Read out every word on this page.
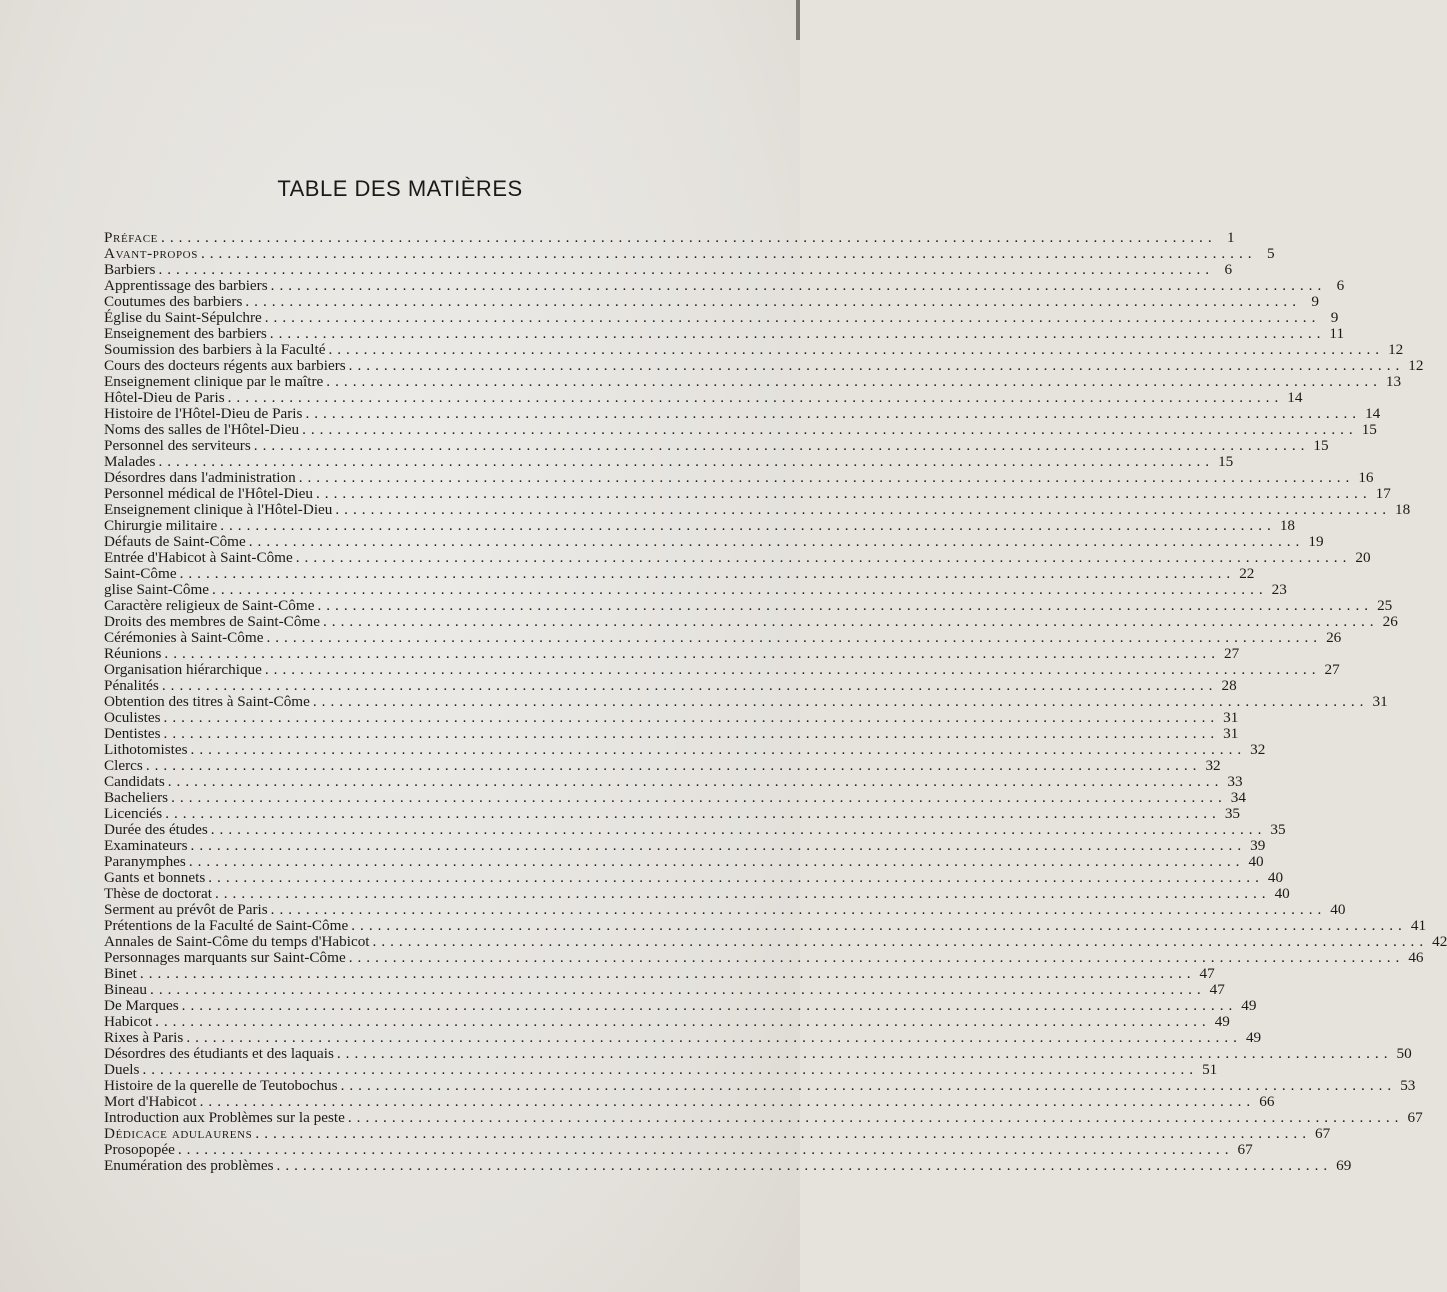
TABLE DES MATIÈRES
Préface ........................................................................................................................ 1
Avant-propos ........................................................................................................................ 5
Barbiers ........................................................................................................................ 6
Apprentissage des barbiers ........................................................................................................................ 6
Coutumes des barbiers ........................................................................................................................ 9
Église du Saint-Sépulchre ........................................................................................................................ 9
Enseignement des barbiers ........................................................................................................................ 11
Soumission des barbiers à la Faculté ........................................................................................................................ 12
Cours des docteurs régents aux barbiers ........................................................................................................................ 12
Enseignement clinique par le maître ........................................................................................................................ 13
Hôtel-Dieu de Paris ........................................................................................................................ 14
Histoire de l'Hôtel-Dieu de Paris ........................................................................................................................ 14
Noms des salles de l'Hôtel-Dieu ........................................................................................................................ 15
Personnel des serviteurs ........................................................................................................................ 15
Malades ........................................................................................................................ 15
Désordres dans l'administration ........................................................................................................................ 16
Personnel médical de l'Hôtel-Dieu ........................................................................................................................ 17
Enseignement clinique à l'Hôtel-Dieu ........................................................................................................................ 18
Chirurgie militaire ........................................................................................................................ 18
Défauts de Saint-Côme ........................................................................................................................ 19
Entrée d'Habicot à Saint-Côme ........................................................................................................................ 20
Saint-Côme ........................................................................................................................ 22
glise Saint-Côme ........................................................................................................................ 23
Caractère religieux de Saint-Côme ........................................................................................................................ 25
Droits des membres de Saint-Côme ........................................................................................................................ 26
Cérémonies à Saint-Côme ........................................................................................................................ 26
Réunions ........................................................................................................................ 27
Organisation hiérarchique ........................................................................................................................ 27
Pénalités ........................................................................................................................ 28
Obtention des titres à Saint-Côme ........................................................................................................................ 31
Oculistes ........................................................................................................................ 31
Dentistes ........................................................................................................................ 31
Lithotomistes ........................................................................................................................ 32
Clercs ........................................................................................................................ 32
Candidats ........................................................................................................................ 33
Bacheliers ........................................................................................................................ 34
Licenciés ........................................................................................................................ 35
Durée des études ........................................................................................................................ 35
Examinateurs ........................................................................................................................ 39
Paranymphes ........................................................................................................................ 40
Gants et bonnets ........................................................................................................................ 40
Thèse de doctorat ........................................................................................................................ 40
Serment au prévôt de Paris ........................................................................................................................ 40
Prétentions de la Faculté de Saint-Côme ........................................................................................................................ 41
Annales de Saint-Côme du temps d'Habicot ........................................................................................................................ 42
Personnages marquants sur Saint-Côme ........................................................................................................................ 46
Binet ........................................................................................................................ 47
Bineau ........................................................................................................................ 47
De Marques ........................................................................................................................ 49
Habicot ........................................................................................................................ 49
Rixes à Paris ........................................................................................................................ 49
Désordres des étudiants et des laquais ........................................................................................................................ 50
Duels ........................................................................................................................ 51
Histoire de la querelle de Teutobochus ........................................................................................................................ 53
Mort d'Habicot ........................................................................................................................ 66
Introduction aux Problèmes sur la peste ........................................................................................................................ 67
Dédicace adulaurens ........................................................................................................................ 67
Prosopopée ........................................................................................................................ 67
Enumération des problèmes ........................................................................................................................ 69
